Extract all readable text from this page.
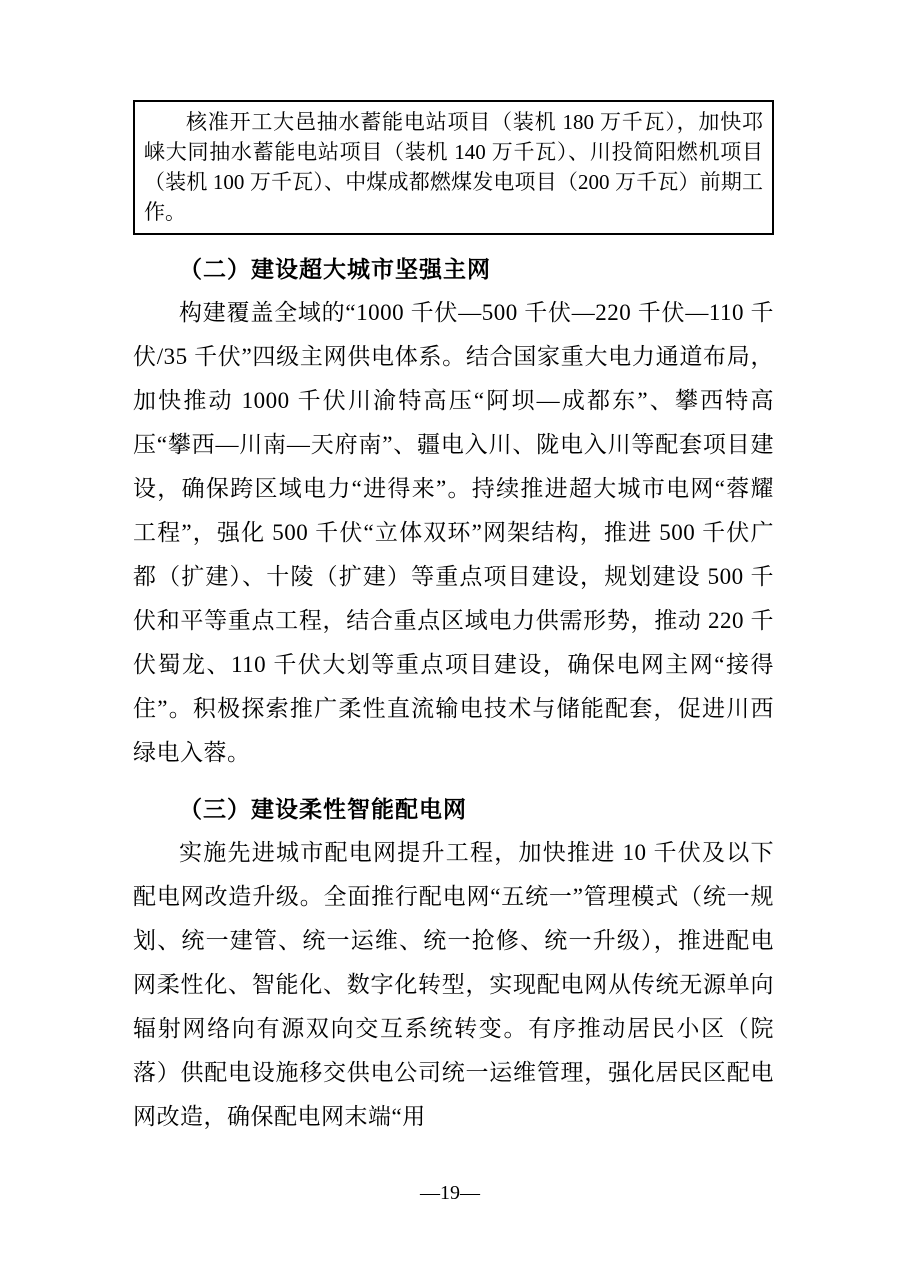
核准开工大邑抽水蓄能电站项目（装机 180 万千瓦），加快邛崃大同抽水蓄能电站项目（装机 140 万千瓦）、川投简阳燃机项目（装机 100 万千瓦）、中煤成都燃煤发电项目（200 万千瓦）前期工作。

（二）建设超大城市坚强主网

构建覆盖全域的“1000 千伏—500 千伏—220 千伏—110 千伏/35 千伏”四级主网供电体系。结合国家重大电力通道布局，加快推动 1000 千伏川渝特高压“阿坝—成都东”、攀西特高压“攀西—川南—天府南”、疆电入川、陇电入川等配套项目建设，确保跨区域电力“进得来”。持续推进超大城市电网“蓉耀工程”，强化 500 千伏“立体双环”网架结构，推进 500 千伏广都（扩建）、十陵（扩建）等重点项目建设，规划建设 500 千伏和平等重点工程，结合重点区域电力供需形势，推动 220 千伏蜀龙、110 千伏大划等重点项目建设，确保电网主网“接得住”。积极探索推广柔性直流输电技术与储能配套，促进川西绿电入蓉。

（三）建设柔性智能配电网

实施先进城市配电网提升工程，加快推进 10 千伏及以下配电网改造升级。全面推行配电网“五统一”管理模式（统一规划、统一建管、统一运维、统一抢修、统一升级），推进配电网柔性化、智能化、数字化转型，实现配电网从传统无源单向辐射网络向有源双向交互系统转变。有序推动居民小区（院落）供配电设施移交供电公司统一运维管理，强化居民区配电网改造，确保配电网末端“用

—19—
